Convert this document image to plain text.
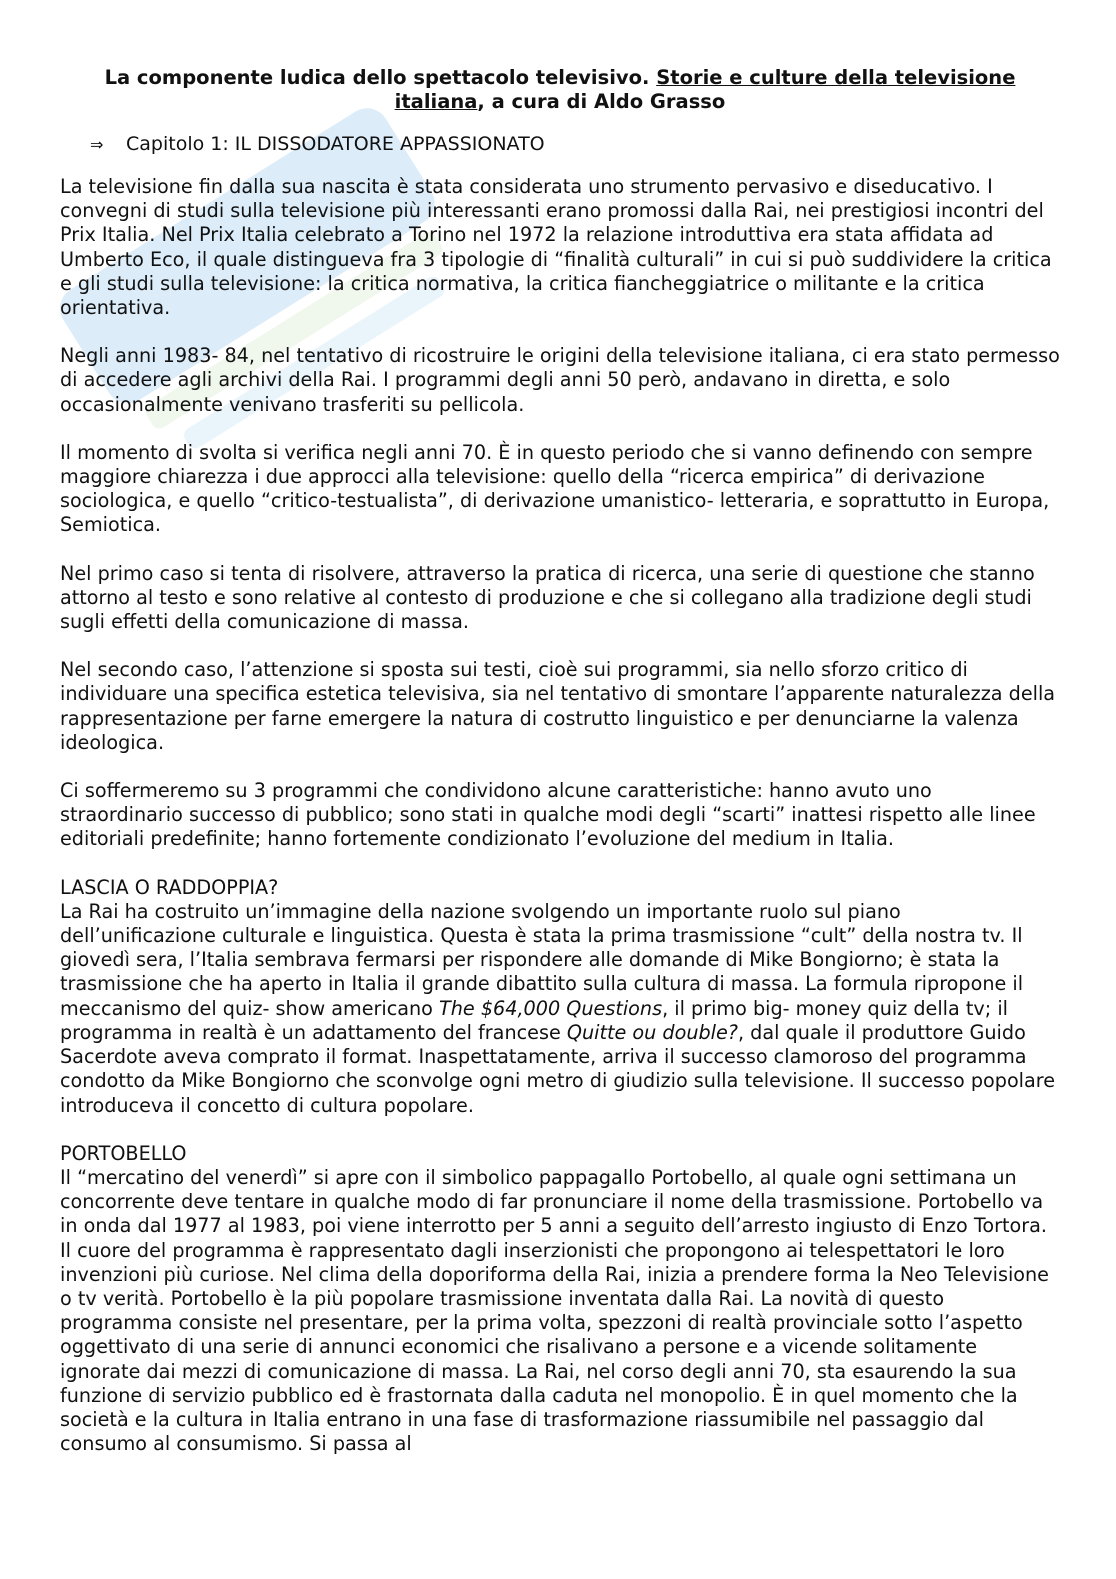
La componente ludica dello spettacolo televisivo. Storie e culture della televisione italiana, a cura di Aldo Grasso
⇒ Capitolo 1: IL DISSODATORE APPASSIONATO

La televisione fin dalla sua nascita è stata considerata uno strumento pervasivo e diseducativo. I convegni di studi sulla televisione più interessanti erano promossi dalla Rai, nei prestigiosi incontri del Prix Italia. Nel Prix Italia celebrato a Torino nel 1972 la relazione introduttiva era stata affidata ad Umberto Eco, il quale distingueva fra 3 tipologie di “finalità culturali” in cui si può suddividere la critica e gli studi sulla televisione: la critica normativa, la critica fiancheggiatrice o militante e la critica orientativa.

Negli anni 1983- 84, nel tentativo di ricostruire le origini della televisione italiana, ci era stato permesso di accedere agli archivi della Rai. I programmi degli anni 50 però, andavano in diretta, e solo occasionalmente venivano trasferiti su pellicola.

Il momento di svolta si verifica negli anni 70. È in questo periodo che si vanno definendo con sempre maggiore chiarezza i due approcci alla televisione: quello della “ricerca empirica” di derivazione sociologica, e quello “critico-testualista”, di derivazione umanistico- letteraria, e soprattutto in Europa, Semiotica.

Nel primo caso si tenta di risolvere, attraverso la pratica di ricerca, una serie di questione che stanno attorno al testo e sono relative al contesto di produzione e che si collegano alla tradizione degli studi sugli effetti della comunicazione di massa.

Nel secondo caso, l’attenzione si sposta sui testi, cioè sui programmi, sia nello sforzo critico di individuare una specifica estetica televisiva, sia nel tentativo di smontare l’apparente naturalezza della rappresentazione per farne emergere la natura di costrutto linguistico e per denunciarne la valenza ideologica.

Ci soffermeremo su 3 programmi che condividono alcune caratteristiche: hanno avuto uno straordinario successo di pubblico; sono stati in qualche modi degli “scarti” inattesi rispetto alle linee editoriali predefinite; hanno fortemente condizionato l’evoluzione del medium in Italia.

LASCIA O RADDOPPIA?

La Rai ha costruito un’immagine della nazione svolgendo un importante ruolo sul piano dell’unificazione culturale e linguistica. Questa è stata la prima trasmissione “cult” della nostra tv. Il giovedì sera, l’Italia sembrava fermarsi per rispondere alle domande di Mike Bongiorno; è stata la trasmissione che ha aperto in Italia il grande dibattito sulla cultura di massa. La formula ripropone il meccanismo del quiz- show americano The $64,000 Questions, il primo big- money quiz della tv; il programma in realtà è un adattamento del francese Quitte ou double?, dal quale il produttore Guido Sacerdote aveva comprato il format. Inaspettatamente, arriva il successo clamoroso del programma condotto da Mike Bongiorno che sconvolge ogni metro di giudizio sulla televisione. Il successo popolare introduceva il concetto di cultura popolare.

PORTOBELLO

Il “mercatino del venerdì” si apre con il simbolico pappagallo Portobello, al quale ogni settimana un concorrente deve tentare in qualche modo di far pronunciare il nome della trasmissione. Portobello va in onda dal 1977 al 1983, poi viene interrotto per 5 anni a seguito dell’arresto ingiusto di Enzo Tortora. Il cuore del programma è rappresentato dagli inserzionisti che propongono ai telespettatori le loro invenzioni più curiose. Nel clima della doporiforma della Rai, inizia a prendere forma la Neo Televisione o tv verità. Portobello è la più popolare trasmissione inventata dalla Rai. La novità di questo programma consiste nel presentare, per la prima volta, spezzoni di realtà provinciale sotto l’aspetto oggettivato di una serie di annunci economici che risalivano a persone e a vicende solitamente ignorate dai mezzi di comunicazione di massa. La Rai, nel corso degli anni 70, sta esaurendo la sua funzione di servizio pubblico ed è frastornata dalla caduta nel monopolio. È in quel momento che la società e la cultura in Italia entrano in una fase di trasformazione riassumibile nel passaggio dal consumo al consumismo. Si passa al
